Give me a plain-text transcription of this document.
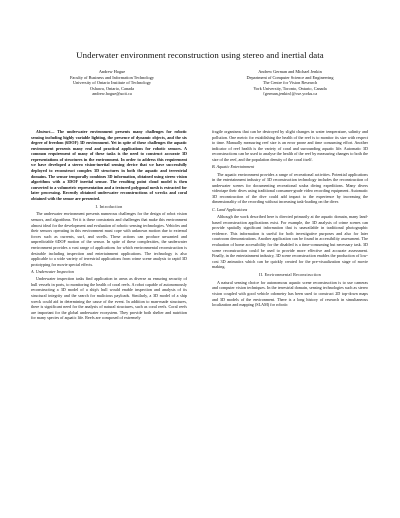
Underwater environment reconstruction using stereo and inertial data
Andrew Hogue
Faculty of Business and Information Technology
University of Ontario Institute of Technology
Oshawa, Ontario, Canada
andrew.hogue@uoit.ca
Andrew German and Michael Jenkin
Department of Computer Science and Engineering
The Centre for Vision Research
York University, Toronto, Ontario, Canada
{german,jenkin}@cse.yorku.ca

Abstract— The underwater environment presents many challenges for robotic sensing including highly variable lighting, the presence of dynamic objects, and the six degree of freedom (6DOF) 3D environment. Yet in spite of these challenges the aquatic environment presents many real and practical applications for robotic sensors. A common requirement of many of these tasks is the need to construct accurate 3D representations of structures in the environment. In order to address this requirement we have developed a stereo vision-inertial sensing device that we have successfully deployed to reconstruct complex 3D structures in both the aquatic and terrestrial domains. The sensor temporally combines 3D information, obtained using stereo vision algorithms with a 3DOF inertial sensor. The resulting point cloud model is then converted to a volumetric representation and a textured polygonal mesh is extracted for later processing. Recently obtained underwater reconstructions of wrecks and coral obtained with the sensor are presented.

I. Introduction

The underwater environment presents numerous challenges for the design of robot vision sensors, and algorithms. Yet it is these constraints and challenges that make this environment almost ideal for the development and evaluation of robotic sensing technologies. Vehicles and their sensors operating in this environment must cope with unknown motion due to external forces such as currents, surf, and swells. These actions can produce unwanted and unpredictable 6DOF motion of the sensor. In spite of these complexities, the underwater environment provides a vast range of applications for which environmental reconstruction is desirable including inspection and entertainment applications. The technology is also applicable to a wide variety of terrestrial applications from crime scene analysis to rapid 3D prototyping for movie special effects.

A. Underwater Inspection

Underwater inspection tasks find application in areas as diverse as ensuring security of hull vessels in ports, to monitoring the health of coral reefs. A robot capable of autonomously reconstructing a 3D model of a ship's hull would enable inspection and analysis of its structural integrity and the search for malicious payloads. Similarly, a 3D model of a ship wreck could aid in determining the cause of the event. In addition to man-made structures, there is significant need for the analysis of natural structures, such as coral reefs. Coral reefs are important for the global underwater ecosystem. They provide both shelter and nutrition for many species of aquatic life. Reefs are composed of extremely

fragile organisms that can be destroyed by slight changes in water temperature, salinity and pollution. One metric for establishing the health of the reef is to monitor its size with respect to time. Manually measuring reef size is an error prone and time consuming effort. Another indicator of reef health is the variety of coral and surrounding aquatic life. Automatic 3D reconstructions can be used to analyse the health of the reef by measuring changes to both the size of the reef, and the population density of the coral itself.

B. Aquatic Entertainment

The aquatic environment provides a range of recreational activities. Potential applications in the entertainment industry of 3D reconstruction technology includes the reconstruction of underwater scenes for documenting recreational scuba diving expeditions. Many divers videotape their dives using traditional consumer-grade video recording equipment. Automatic 3D reconstruction of the dive could add impact to the experience by increasing the dimensionality of the recording without increasing task-loading on the diver.

C. Land Applications

Although the work described here is directed primarily at the aquatic domain, many land-based reconstruction applications exist. For example, the 3D analysis of crime scenes can provide spatially significant information that is unavailable in traditional photographic evidence. This information is useful for both investigative purposes and also for later courtroom demonstrations. Another application can be found in accessibility assessment. The evaluation of home accessibility for the disabled is a time-consuming but necessary task. 3D scene reconstruction could be used to provide more effective and accurate assessment. Finally, in the entertainment industry, 3D scene reconstruction enables the production of low-cost 3D animatics which can be quickly created for the pre-visualization stage of movie making.

II. Environmental Reconstruction

A natural sensing choice for autonomous aquatic scene reconstruction is to use cameras and computer vision techniques. In the terrestrial domain, sensing technologies such as stereo vision coupled with good vehicle odometry has been used to construct 2D top-down maps and 3D models of the environment. There is a long history of research in simultaneous localization and mapping (SLAM) for robotic
